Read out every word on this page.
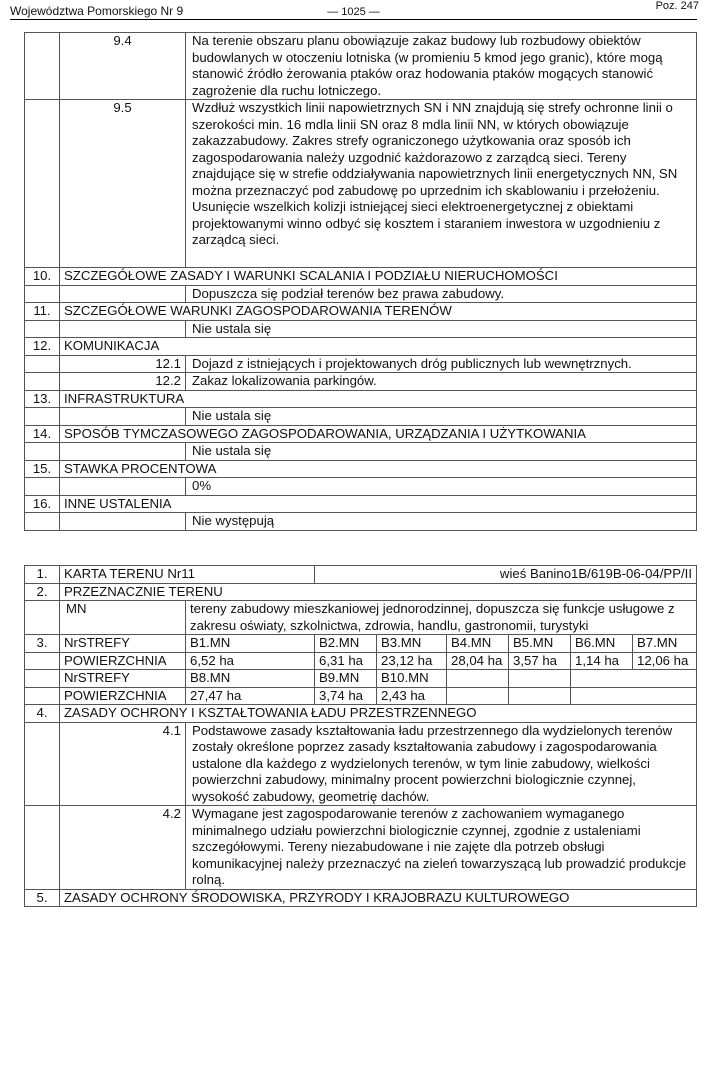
Województwa Pomorskiego Nr 9	— 1025 —	Poz. 247
	9.4	Na terenie obszaru planu obowiązuje zakaz budowy lub rozbudowy obiektów budowlanych w otoczeniu lotniska (w promieniu 5 kmod jego granic), które mogą stanowić źródło żerowania ptaków oraz hodowania ptaków mogących stanowić zagrożenie dla ruchu lotniczego.
	9.5	Wzdłuż wszystkich linii napowietrznych SN i NN znajdują się strefy ochronne linii o szerokości min. 16 mdla linii SN oraz 8 mdla linii NN, w których obowiązuje zakazzabudowy. Zakres strefy ograniczonego użytkowania oraz sposób ich zagospodarowania należy uzgodnić każdorazowo z zarządcą sieci. Tereny znajdujące się w strefie oddziaływania napowietrznych linii energetycznych NN, SN można przeznaczyć pod zabudowę po uprzednim ich skablowaniu i przełożeniu. Usunięcie wszelkich kolizji istniejącej sieci elektroenergetycznej z obiektami projektowanymi winno odbyć się kosztem i staraniem inwestora w uzgodnieniu z zarządcą sieci.
10.	SZCZEGÓŁOWE ZASADY I WARUNKI SCALANIA I PODZIAŁU NIERUCHOMOŚCI	
		Dopuszcza się podział terenów bez prawa zabudowy.
11.	SZCZEGÓŁOWE WARUNKI ZAGOSPODAROWANIA TERENÓW	
		Nie ustala się
12.	KOMUNIKACJA	
	12.1	Dojazd z istniejących i projektowanych dróg publicznych lub wewnętrznych.
	12.2	Zakaz lokalizowania parkingów.
13.	INFRASTRUKTURA	
		Nie ustala się
14.	SPOSÓB TYMCZASOWEGO ZAGOSPODAROWANIA, URZĄDZANIA I UŻYTKOWANIA	
		Nie ustala się
15.	STAWKA PROCENTOWA	
		0%
16.	INNE USTALENIA	
		Nie występują
1.	KARTA TERENU Nr11		wieś Banino1B/619B-06-04/PP/II					
2.	PRZEZNACZNIE TERENU							
	MN	tereny zabudowy mieszkaniowej jednorodzinnej, dopuszcza się funkcje usługowe z zakresu oświaty, szkolnictwa, zdrowia, handlu, gastronomii, turystyki						
3.	NrSTREFY	B1.MN	B2.MN	B3.MN	B4.MN	B5.MN	B6.MN	B7.MN
	POWIERZCHNIA	6,52 ha	6,31 ha	23,12 ha	28,04 ha	3,57 ha	1,14 ha	12,06 ha
	NrSTREFY	B8.MN	B9.MN	B10.MN				
	POWIERZCHNIA	27,47 ha	3,74 ha	2,43 ha				
4.	ZASADY OCHRONY I KSZTAŁTOWANIA ŁADU PRZESTRZENNEGO							
	4.1	Podstawowe zasady kształtowania ładu przestrzennego dla wydzielonych terenów zostały określone poprzez zasady kształtowania zabudowy i zagospodarowania ustalone dla każdego z wydzielonych terenów, w tym linie zabudowy, wielkości powierzchni zabudowy, minimalny procent powierzchni biologicznie czynnej, wysokość zabudowy, geometrię dachów.						
	4.2	Wymagane jest zagospodarowanie terenów z zachowaniem wymaganego minimalnego udziału powierzchni biologicznie czynnej, zgodnie z ustaleniami szczegółowymi. Tereny niezabudowane i nie zajęte dla potrzeb obsługi komunikacyjnej należy przeznaczyć na zieleń towarzyszącą lub prowadzić produkcje rolną.						
5.	ZASADY OCHRONY ŚRODOWISKA, PRZYRODY I KRAJOBRAZU KULTUROWEGO							
